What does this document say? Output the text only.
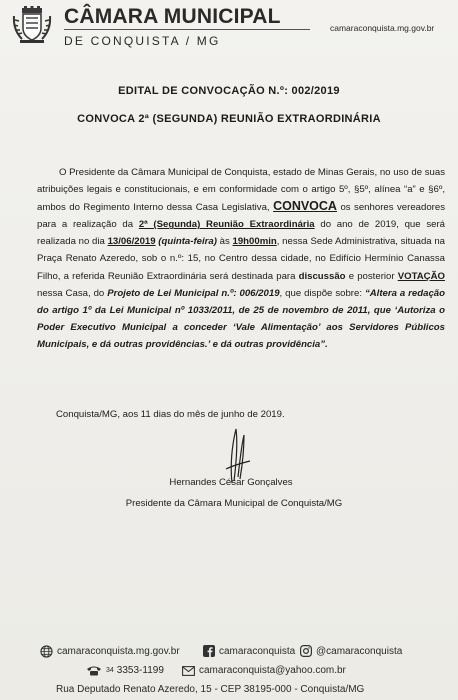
CÂMARA MUNICIPAL
DE CONQUISTA / MG
camaraconquista.mg.gov.br
EDITAL DE CONVOCAÇÃO N.º: 002/2019
CONVOCA 2ª (SEGUNDA) REUNIÃO EXTRAORDINÁRIA

O Presidente da Câmara Municipal de Conquista, estado de Minas Gerais, no uso de suas atribuições legais e constitucionais, e em conformidade com o artigo 5º, §5º, alínea “a” e §6º, ambos do Regimento Interno dessa Casa Legislativa, CONVOCA os senhores vereadores para a realização da 2ª (Segunda) Reunião Extraordinária do ano de 2019, que será realizada no dia 13/06/2019 (quinta-feira) às 19h00min, nessa Sede Administrativa, situada na Praça Renato Azeredo, sob o n.º: 15, no Centro dessa cidade, no Edifício Hermínio Canassa Filho, a referida Reunião Extraordinária será destinada para discussão e posterior VOTAÇÃO nessa Casa, do Projeto de Lei Municipal n.º: 006/2019, que dispõe sobre: “Altera a redação do artigo 1º da Lei Municipal nº 1033/2011, de 25 de novembro de 2011, que ‘Autoriza o Poder Executivo Municipal a conceder ‘Vale Alimentação’ aos Servidores Públicos Municipais, e dá outras providências.’ e dá outras providência”.

Conquista/MG, aos 11 dias do mês de junho de 2019.
Hernandes César Gonçalves
Presidente da Câmara Municipal de Conquista/MG
camaraconquista.mg.gov.br	camaraconquista @camaraconquista
34 3353-1199	camaraconquista@yahoo.com.br
Rua Deputado Renato Azeredo, 15 - CEP 38195-000 - Conquista/MG
